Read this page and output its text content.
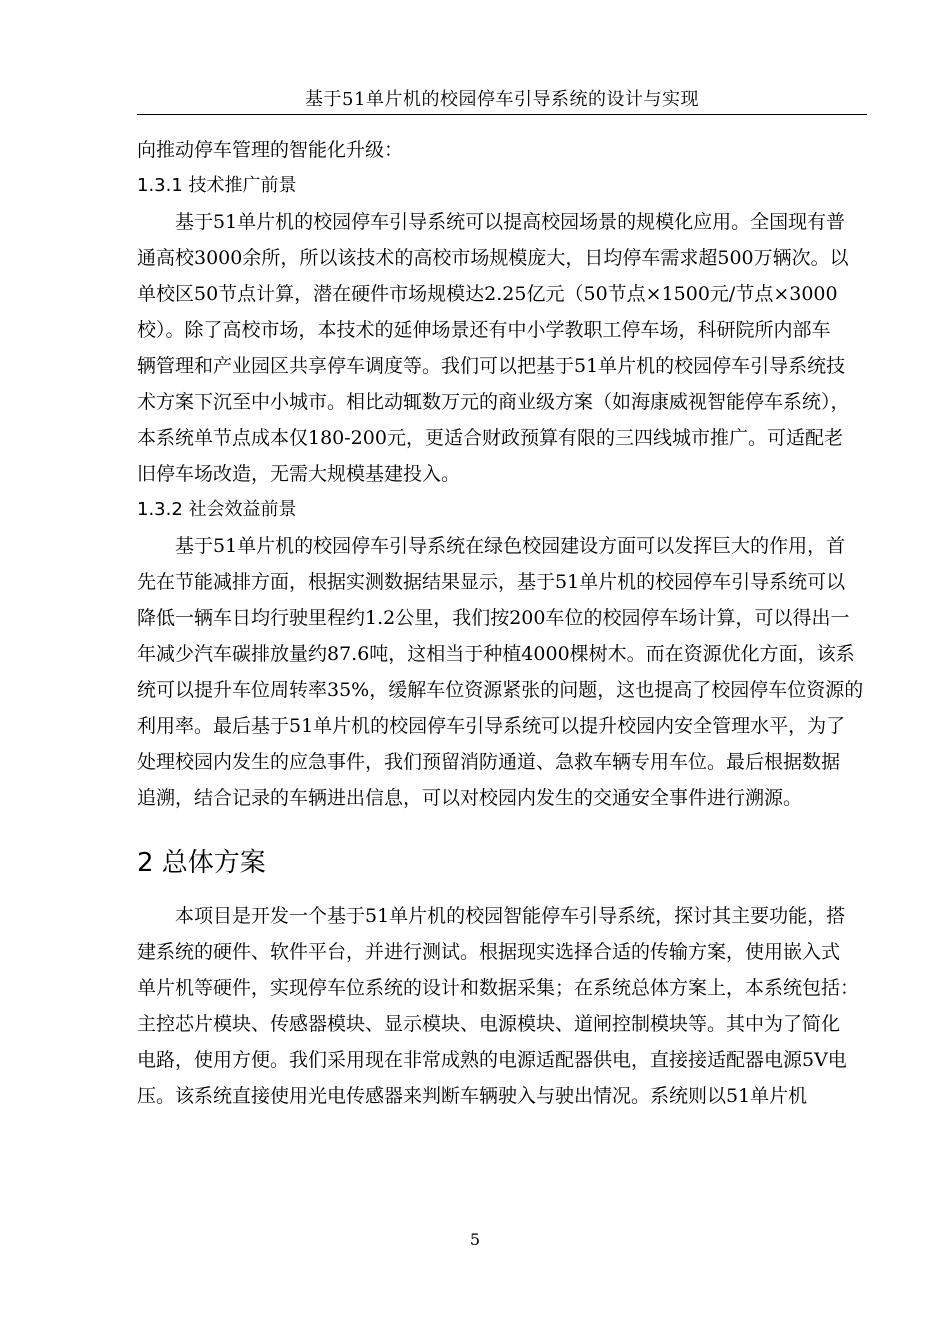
基于51单片机的校园停车引导系统的设计与实现
向推动停车管理的智能化升级：
1.3.1 技术推广前景
基于51单片机的校园停车引导系统可以提高校园场景的规模化应用。全国现有普
通高校3000余所，所以该技术的高校市场规模庞大，日均停车需求超500万辆次。以
单校区50节点计算，潜在硬件市场规模达2.25亿元（50节点×1500元/节点×3000
校）。除了高校市场，本技术的延伸场景还有中小学教职工停车场，科研院所内部车
辆管理和产业园区共享停车调度等。我们可以把基于51单片机的校园停车引导系统技
术方案下沉至中小城市。相比动辄数万元的商业级方案（如海康威视智能停车系统），
本系统单节点成本仅180-200元，更适合财政预算有限的三四线城市推广。可适配老
旧停车场改造，无需大规模基建投入。
1.3.2 社会效益前景
基于51单片机的校园停车引导系统在绿色校园建设方面可以发挥巨大的作用，首
先在节能减排方面，根据实测数据结果显示，基于51单片机的校园停车引导系统可以
降低一辆车日均行驶里程约1.2公里，我们按200车位的校园停车场计算，可以得出一
年减少汽车碳排放量约87.6吨，这相当于种植4000棵树木。而在资源优化方面，该系
统可以提升车位周转率35%，缓解车位资源紧张的问题，这也提高了校园停车位资源的
利用率。最后基于51单片机的校园停车引导系统可以提升校园内安全管理水平，为了
处理校园内发生的应急事件，我们预留消防通道、急救车辆专用车位。最后根据数据
追溯，结合记录的车辆进出信息，可以对校园内发生的交通安全事件进行溯源。
2 总体方案
本项目是开发一个基于51单片机的校园智能停车引导系统，探讨其主要功能，搭
建系统的硬件、软件平台，并进行测试。根据现实选择合适的传输方案，使用嵌入式
单片机等硬件，实现停车位系统的设计和数据采集；在系统总体方案上，本系统包括：
主控芯片模块、传感器模块、显示模块、电源模块、道闸控制模块等。其中为了简化
电路，使用方便。我们采用现在非常成熟的电源适配器供电，直接接适配器电源5V电
压。该系统直接使用光电传感器来判断车辆驶入与驶出情况。系统则以51单片机
5
